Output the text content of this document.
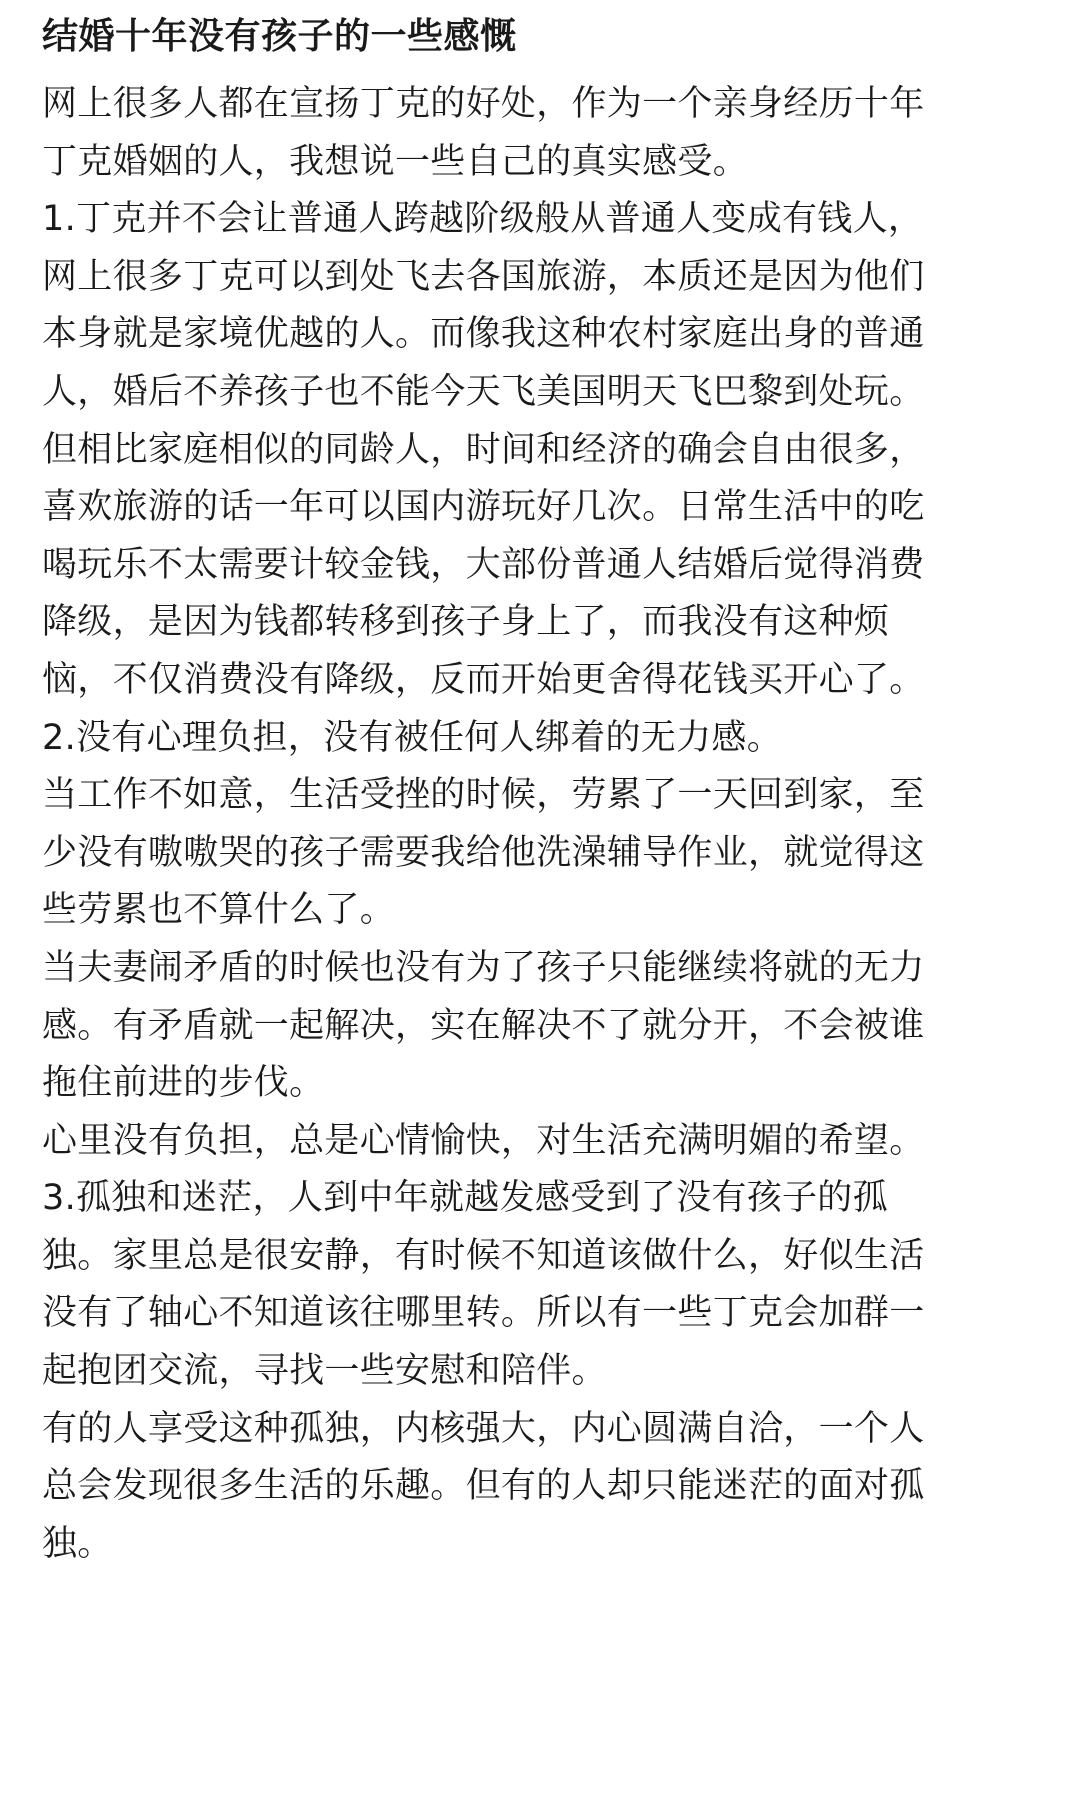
结婚十年没有孩子的一些感慨
网上很多人都在宣扬丁克的好处，作为一个亲身经历十年
丁克婚姻的人，我想说一些自己的真实感受。
1.丁克并不会让普通人跨越阶级般从普通人变成有钱人，
网上很多丁克可以到处飞去各国旅游，本质还是因为他们
本身就是家境优越的人。而像我这种农村家庭出身的普通
人，婚后不养孩子也不能今天飞美国明天飞巴黎到处玩。
但相比家庭相似的同龄人，时间和经济的确会自由很多，
喜欢旅游的话一年可以国内游玩好几次。日常生活中的吃
喝玩乐不太需要计较金钱，大部份普通人结婚后觉得消费
降级，是因为钱都转移到孩子身上了，而我没有这种烦
恼，不仅消费没有降级，反而开始更舍得花钱买开心了。
2.没有心理负担，没有被任何人绑着的无力感。
当工作不如意，生活受挫的时候，劳累了一天回到家，至
少没有嗷嗷哭的孩子需要我给他洗澡辅导作业，就觉得这
些劳累也不算什么了。
当夫妻闹矛盾的时候也没有为了孩子只能继续将就的无力
感。有矛盾就一起解决，实在解决不了就分开，不会被谁
拖住前进的步伐。
心里没有负担，总是心情愉快，对生活充满明媚的希望。
3.孤独和迷茫，人到中年就越发感受到了没有孩子的孤
独。家里总是很安静，有时候不知道该做什么，好似生活
没有了轴心不知道该往哪里转。所以有一些丁克会加群一
起抱团交流，寻找一些安慰和陪伴。
有的人享受这种孤独，内核强大，内心圆满自洽，一个人
总会发现很多生活的乐趣。但有的人却只能迷茫的面对孤
独。
